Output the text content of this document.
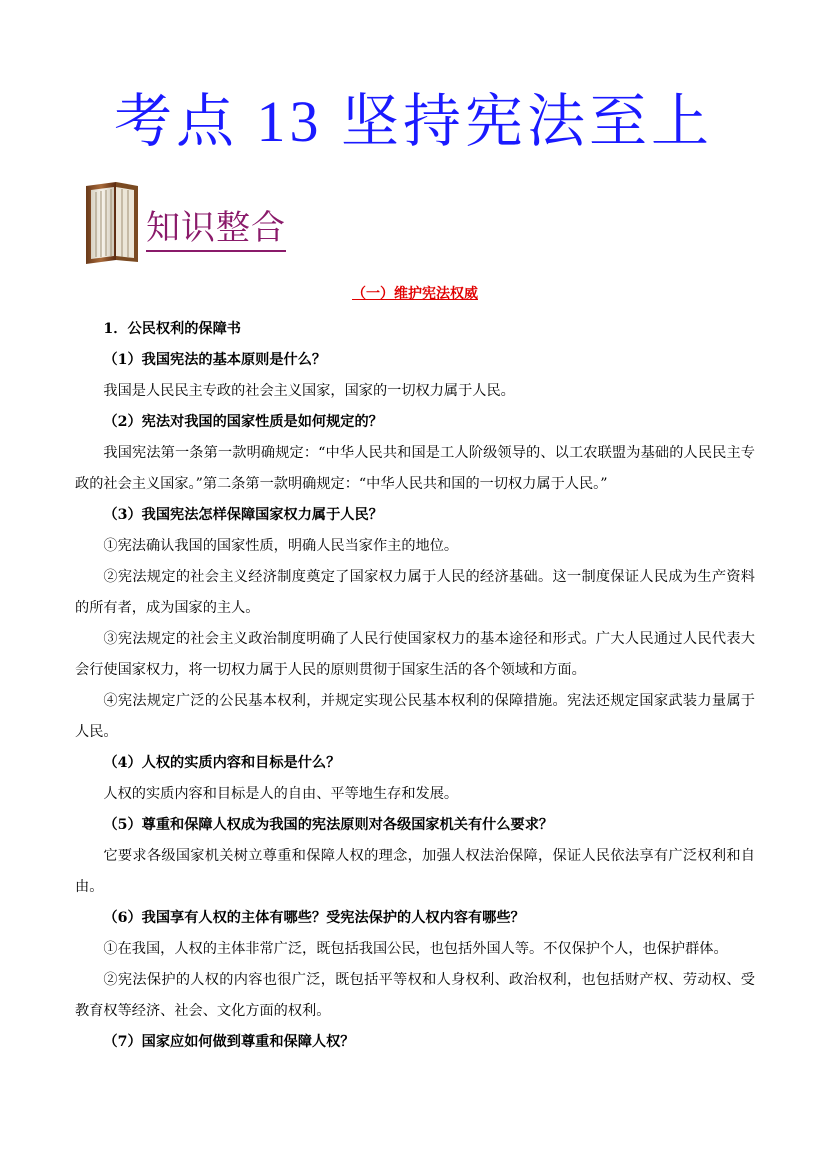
考点 13 坚持宪法至上
知识整合
（一）维护宪法权威

1．公民权利的保障书

（1）我国宪法的基本原则是什么？

我国是人民民主专政的社会主义国家，国家的一切权力属于人民。

（2）宪法对我国的国家性质是如何规定的？

我国宪法第一条第一款明确规定：“中华人民共和国是工人阶级领导的、以工农联盟为基础的人民民主专政的社会主义国家。”第二条第一款明确规定：“中华人民共和国的一切权力属于人民。”

（3）我国宪法怎样保障国家权力属于人民？

①宪法确认我国的国家性质，明确人民当家作主的地位。

②宪法规定的社会主义经济制度奠定了国家权力属于人民的经济基础。这一制度保证人民成为生产资料的所有者，成为国家的主人。

③宪法规定的社会主义政治制度明确了人民行使国家权力的基本途径和形式。广大人民通过人民代表大会行使国家权力，将一切权力属于人民的原则贯彻于国家生活的各个领域和方面。

④宪法规定广泛的公民基本权利，并规定实现公民基本权利的保障措施。宪法还规定国家武装力量属于人民。

（4）人权的实质内容和目标是什么？

人权的实质内容和目标是人的自由、平等地生存和发展。

（5）尊重和保障人权成为我国的宪法原则对各级国家机关有什么要求？

它要求各级国家机关树立尊重和保障人权的理念，加强人权法治保障，保证人民依法享有广泛权利和自由。

（6）我国享有人权的主体有哪些？受宪法保护的人权内容有哪些？

①在我国，人权的主体非常广泛，既包括我国公民，也包括外国人等。不仅保护个人，也保护群体。

②宪法保护的人权的内容也很广泛，既包括平等权和人身权利、政治权利，也包括财产权、劳动权、受教育权等经济、社会、文化方面的权利。

（7）国家应如何做到尊重和保障人权？
